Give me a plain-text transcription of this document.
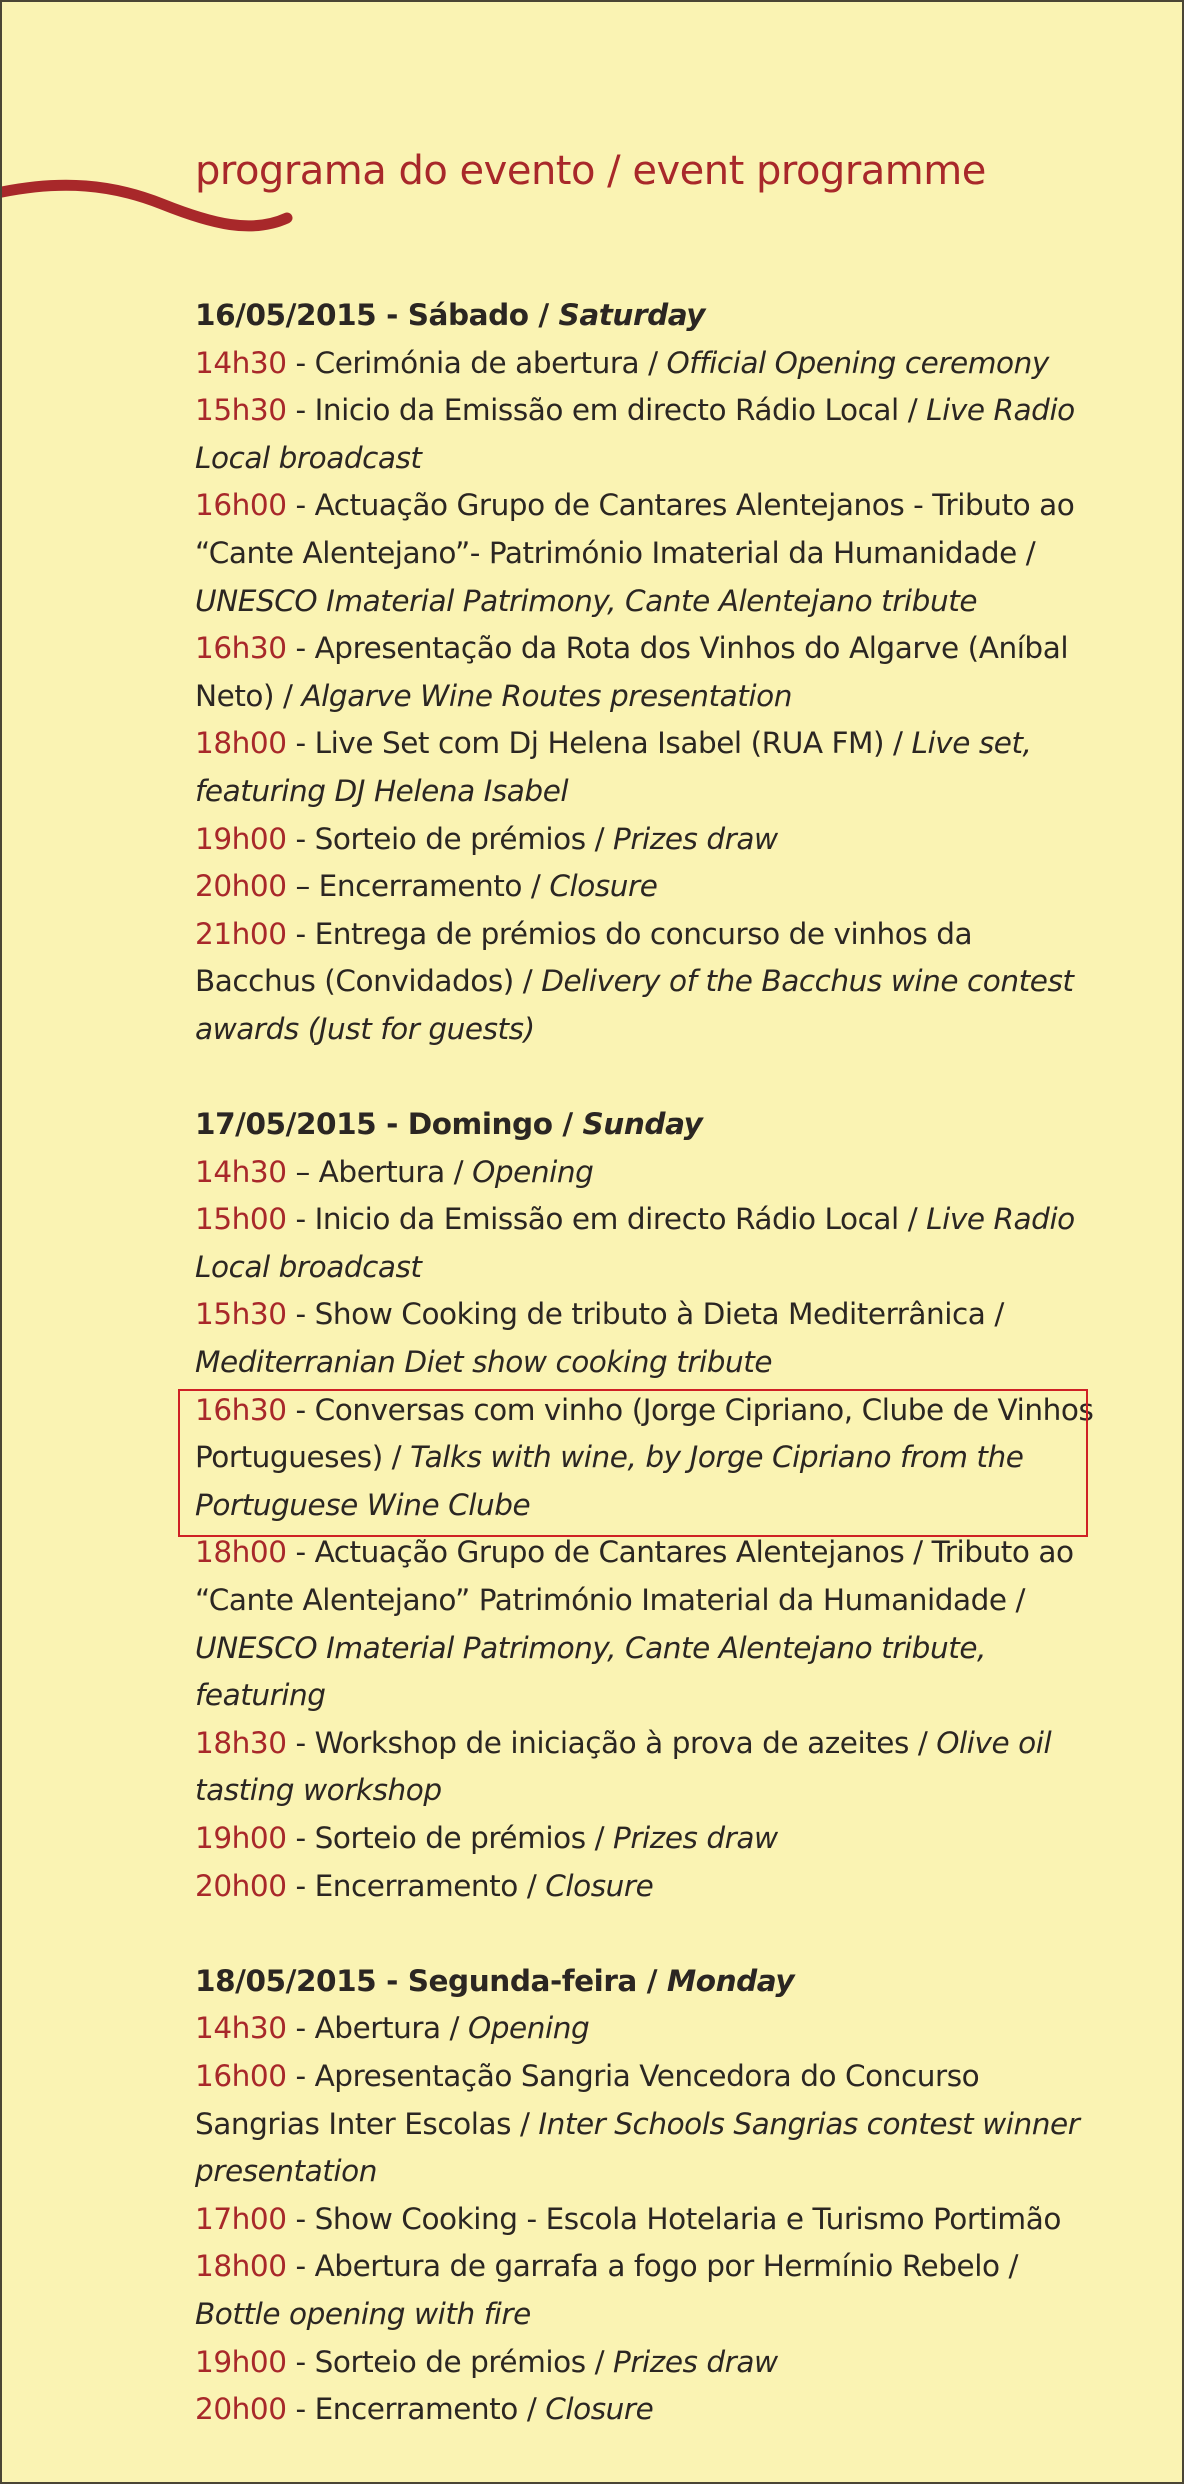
programa do evento / event programme
16/05/2015 - Sábado / Saturday
14h30 - Cerimónia de abertura / Official Opening ceremony
15h30 - Inicio da Emissão em directo Rádio Local / Live Radio Local broadcast
16h00 - Actuação Grupo de Cantares Alentejanos - Tributo ao “Cante Alentejano”- Património Imaterial da Humanidade / UNESCO Imaterial Patrimony, Cante Alentejano tribute
16h30 - Apresentação da Rota dos Vinhos do Algarve (Aníbal Neto) / Algarve Wine Routes presentation
18h00 - Live Set com Dj Helena Isabel (RUA FM) / Live set, featuring DJ Helena Isabel
19h00 - Sorteio de prémios / Prizes draw
20h00 – Encerramento / Closure
21h00 - Entrega de prémios do concurso de vinhos da Bacchus (Convidados) / Delivery of the Bacchus wine contest awards (Just for guests)
17/05/2015 - Domingo / Sunday
14h30 – Abertura / Opening
15h00 - Inicio da Emissão em directo Rádio Local / Live Radio Local broadcast
15h30 - Show Cooking de tributo à Dieta Mediterrânica / Mediterranian Diet show cooking tribute
16h30 - Conversas com vinho (Jorge Cipriano, Clube de Vinhos Portugueses) / Talks with wine, by Jorge Cipriano from the Portuguese Wine Clube
18h00 - Actuação Grupo de Cantares Alentejanos / Tributo ao “Cante Alentejano” Património Imaterial da Humanidade / UNESCO Imaterial Patrimony, Cante Alentejano tribute, featuring
18h30 - Workshop de iniciação à prova de azeites / Olive oil tasting workshop
19h00 - Sorteio de prémios / Prizes draw
20h00 - Encerramento / Closure
18/05/2015 - Segunda-feira / Monday
14h30 - Abertura / Opening
16h00 - Apresentação Sangria Vencedora do Concurso Sangrias Inter Escolas / Inter Schools Sangrias contest winner presentation
17h00 - Show Cooking - Escola Hotelaria e Turismo Portimão
18h00 - Abertura de garrafa a fogo por Hermínio Rebelo / Bottle opening with fire
19h00 - Sorteio de prémios / Prizes draw
20h00 - Encerramento / Closure
